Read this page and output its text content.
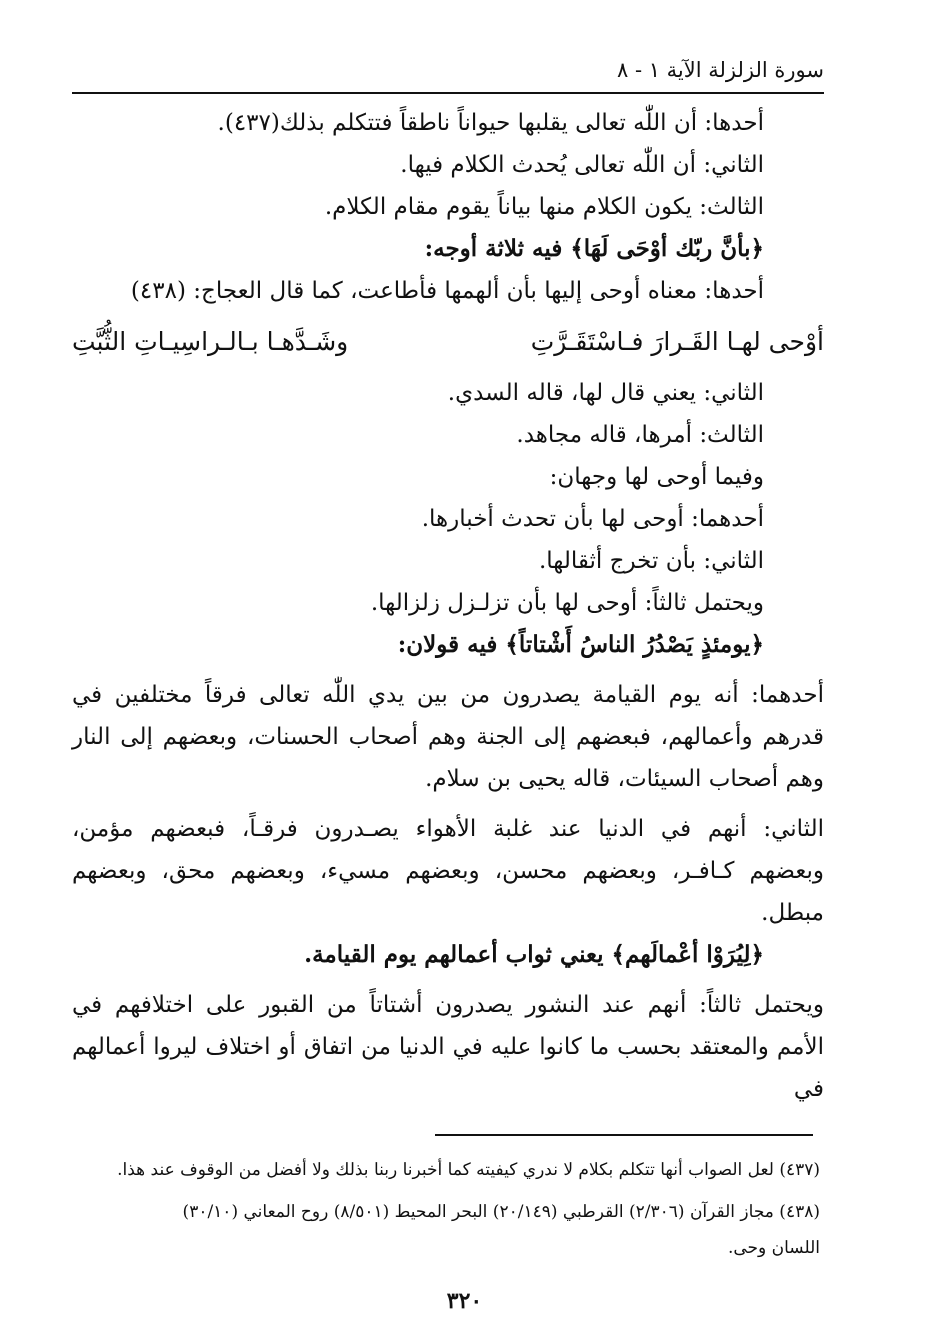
سورة الزلزلة الآية ١ - ٨
أحدها: أن اللّٰه تعالى يقلبها حيواناً ناطقاً فتتكلم بذلك(٤٣٧).
الثاني: أن اللّٰه تعالى يُحدث الكلام فيها.
الثالث: يكون الكلام منها بياناً يقوم مقام الكلام.
﴿بأنَّ ربّك أوْحَى لَهَا﴾ فيه ثلاثة أوجه:
أحدها: معناه أوحى إليها بأن ألهمها فأطاعت، كما قال العجاج: (٤٣٨)
أوْحى لهـا القَـرارَ فـاسْتَقَـرَّتِ
وشَـدَّهـا بـالـراسِيـاتِ الثُّبَّتِ
الثاني: يعني قال لها، قاله السدي.
الثالث: أمرها، قاله مجاهد.
وفيما أوحى لها وجهان:
أحدهما: أوحى لها بأن تحدث أخبارها.
الثاني: بأن تخرج أثقالها.
ويحتمل ثالثاً: أوحى لها بأن تزلـزل زلزالها.
﴿يومئذٍ يَصْدُرُ الناسُ أَشْتاتاً﴾ فيه قولان:
أحدهما: أنه يوم القيامة يصدرون من بين يدي اللّٰه تعالى فرقاً مختلفين في
قدرهم وأعمالهم، فبعضهم إلى الجنة وهم أصحاب الحسنات، وبعضهم إلى النار
وهم أصحاب السيئات، قاله يحيى بن سلام.
الثاني: أنهم في الدنيا عند غلبة الأهواء يصـدرون فرقـاً، فبعضهم مؤمن،
وبعضهم كـافـر، وبعضهم محسن، وبعضهم مسيء، وبعضهم محق، وبعضهم
مبطل.
﴿لِيُرَوْا أعْمالَهم﴾ يعني ثواب أعمالهم يوم القيامة.
ويحتمل ثالثاً: أنهم عند النشور يصدرون أشتاتاً من القبور على اختلافهم في
الأمم والمعتقد بحسب ما كانوا عليه في الدنيا من اتفاق أو اختلاف ليروا أعمالهم في
(٤٣٧) لعل الصواب أنها تتكلم بكلام لا ندري كيفيته كما أخبرنا ربنا بذلك ولا أفضل من الوقوف عند هذا.
(٤٣٨) مجاز القرآن (٢/٣٠٦) القرطبي (٢٠/١٤٩) البحر المحيط (٨/٥٠١) روح المعاني (٣٠/١٠)
اللسان وحى.
٣٢٠
